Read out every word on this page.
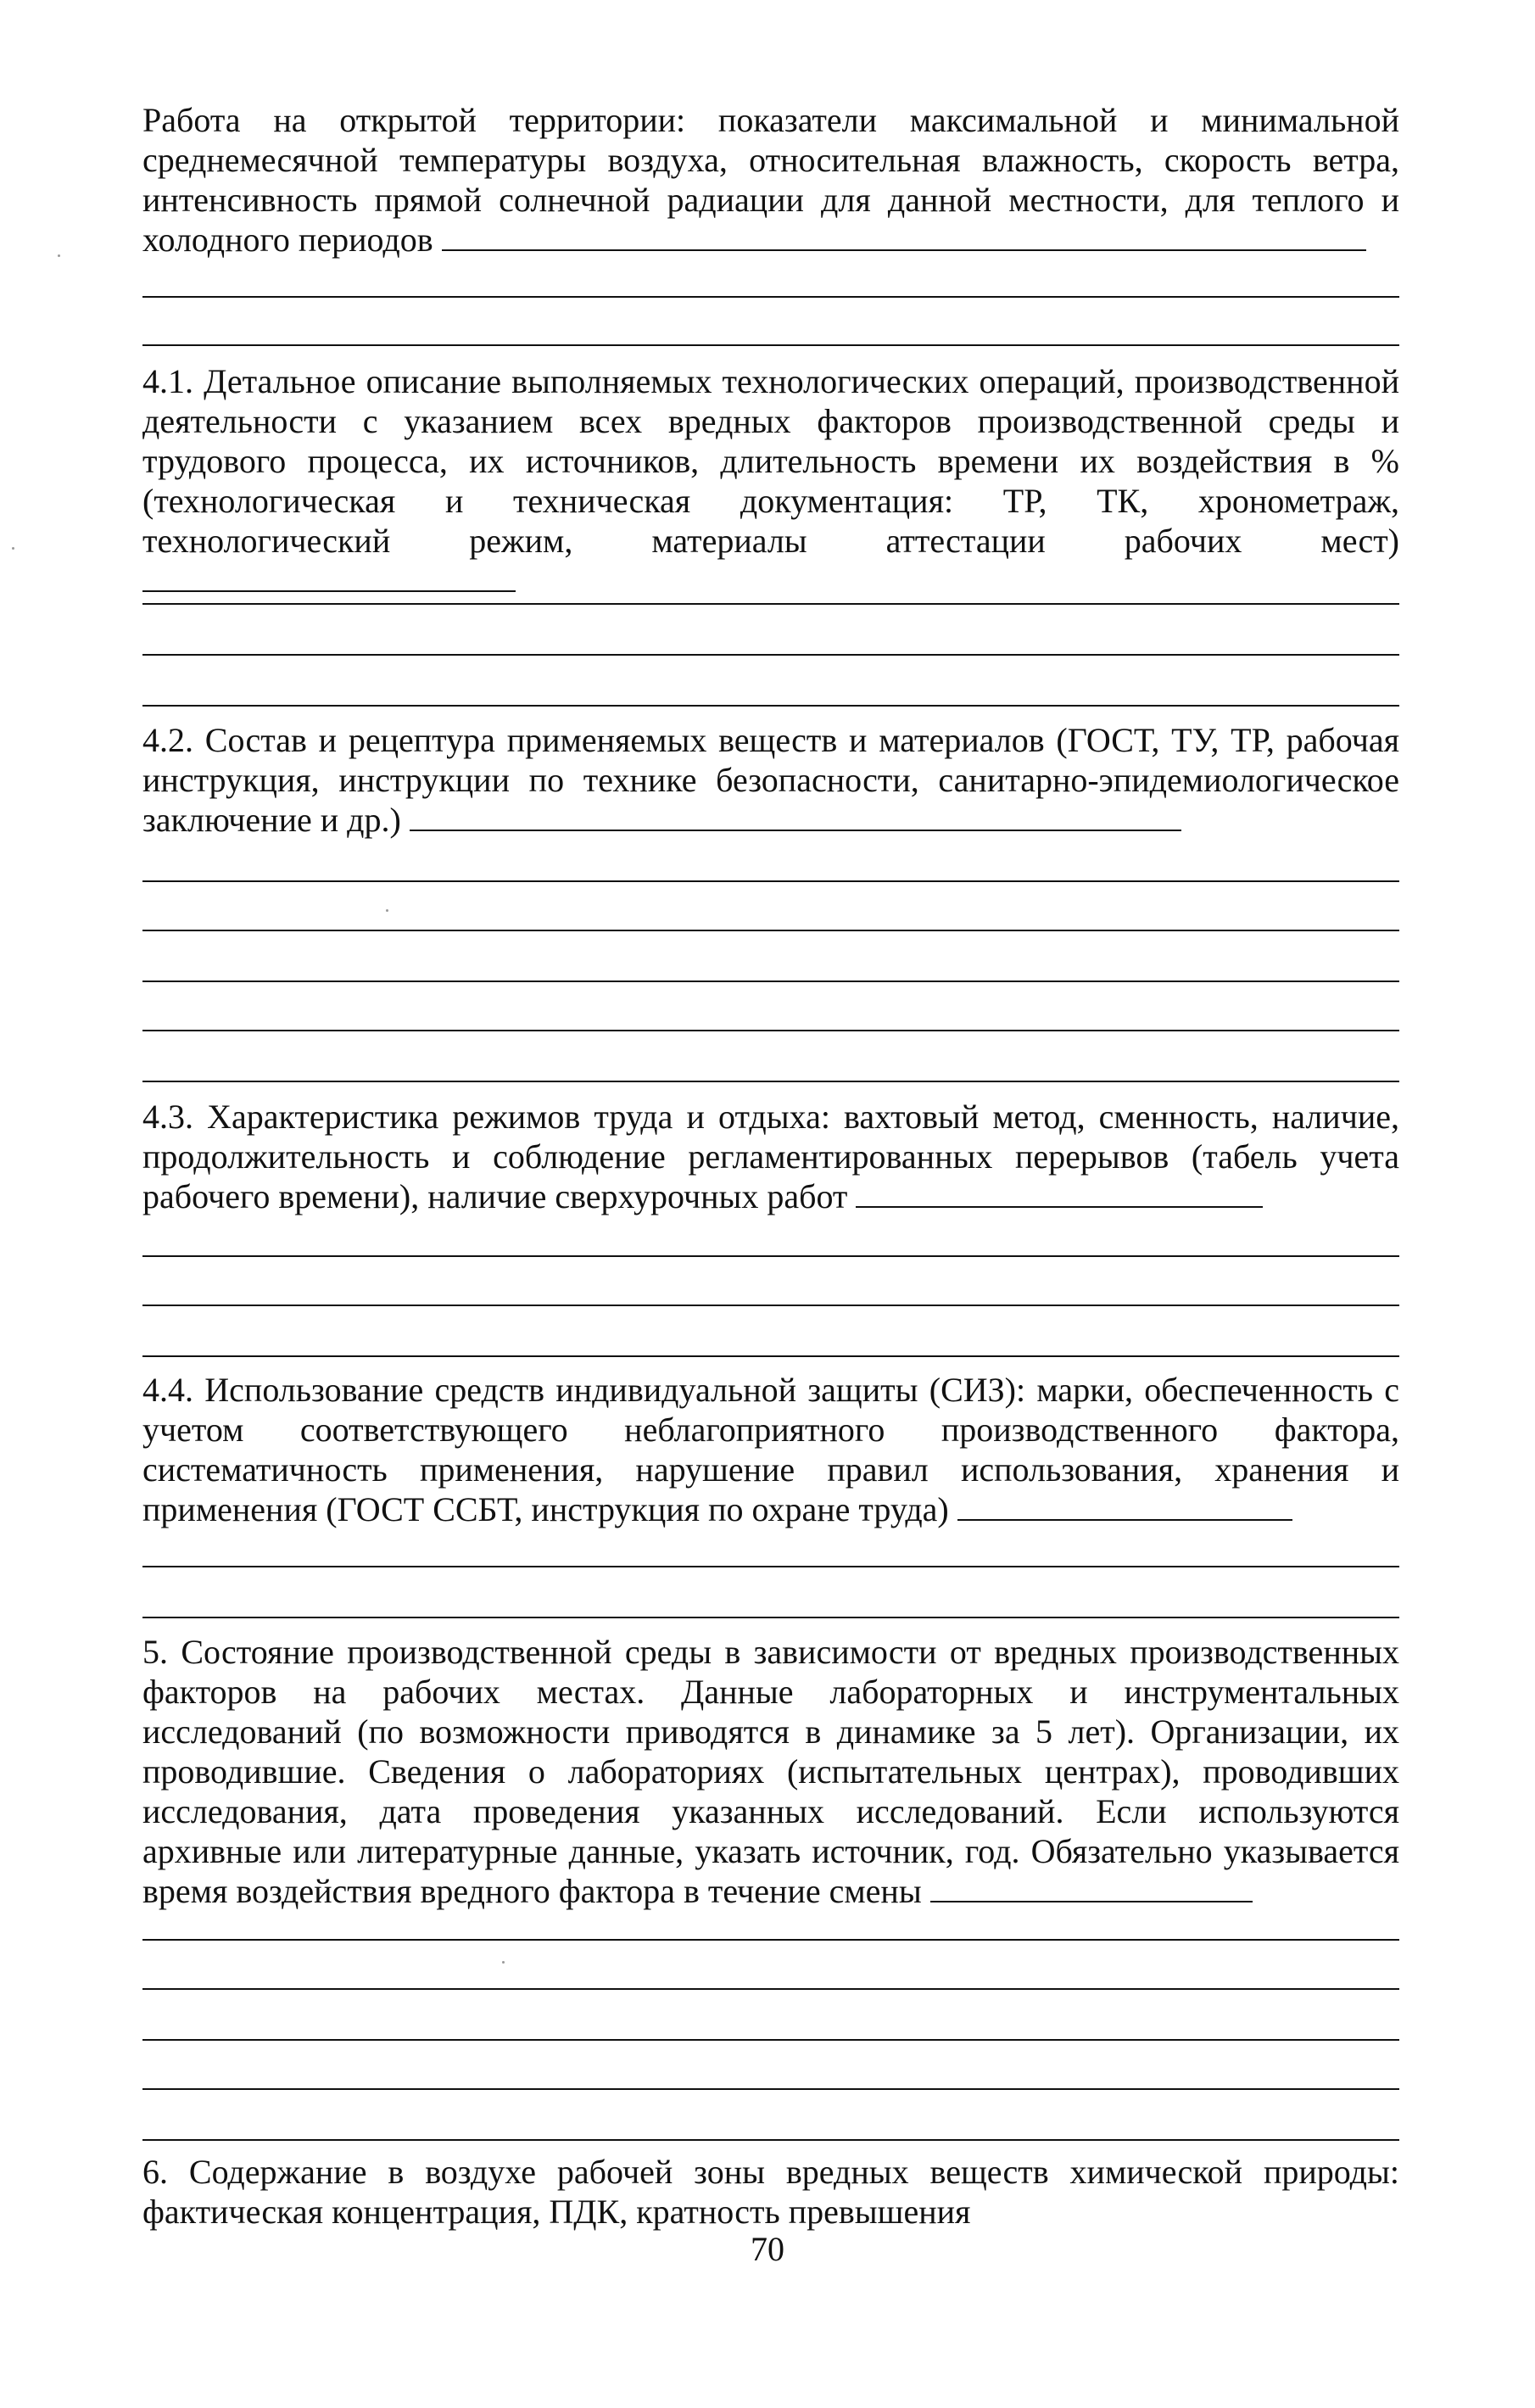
Работа на открытой территории: показатели максимальной и минимальной среднемесячной температуры воздуха, относительная влажность, скорость ветра, интенсивность прямой солнечной радиации для данной местности, для теплого и холодного периодов

4.1. Детальное описание выполняемых технологических операций, производственной деятельности с указанием всех вредных факторов производственной среды и трудового процесса, их источников, длительность времени их воздействия в % (технологическая и техническая документация: ТР, ТК, хронометраж, технологический режим, материалы аттестации рабочих мест)

4.2. Состав и рецептура применяемых веществ и материалов (ГОСТ, ТУ, ТР, рабочая инструкция, инструкции по технике безопасности, санитарно-эпидемиологическое заключение и др.)

4.3. Характеристика режимов труда и отдыха: вахтовый метод, сменность, наличие, продолжительность и соблюдение регламентированных перерывов (табель учета рабочего времени), наличие сверхурочных работ

4.4. Использование средств индивидуальной защиты (СИЗ): марки, обеспеченность с учетом соответствующего неблагоприятного производственного фактора, систематичность применения, нарушение правил использования, хранения и применения (ГОСТ ССБТ, инструкция по охране труда)

5. Состояние производственной среды в зависимости от вредных производственных факторов на рабочих местах. Данные лабораторных и инструментальных исследований (по возможности приводятся в динамике за 5 лет). Организации, их проводившие. Сведения о лабораториях (испытательных центрах), проводивших исследования, дата проведения указанных исследований. Если используются архивные или литературные данные, указать источник, год. Обязательно указывается время воздействия вредного фактора в течение смены

6. Содержание в воздухе рабочей зоны вредных веществ химической природы: фактическая концентрация, ПДК, кратность превышения

70
